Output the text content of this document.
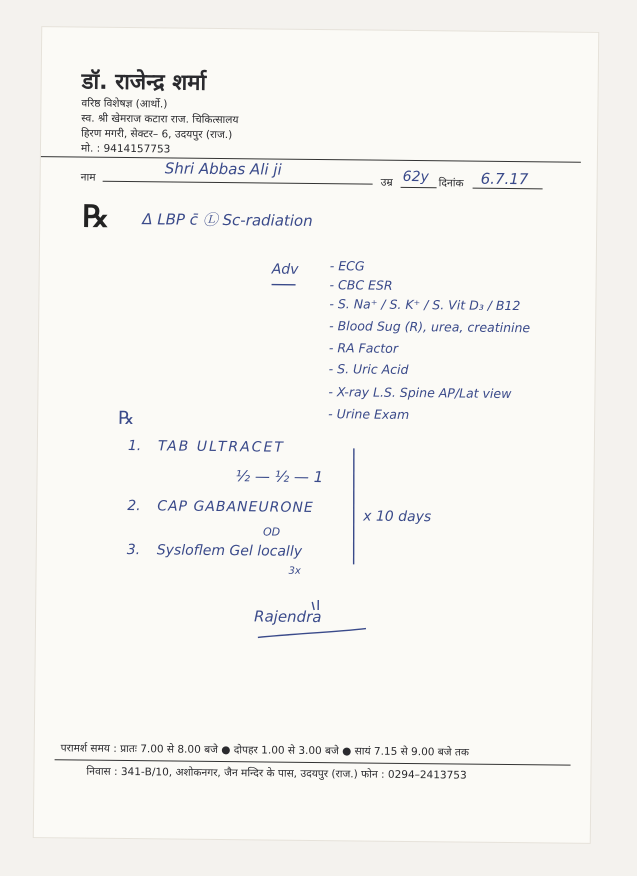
डॉ. राजेन्द्र शर्मा
वरिष्ठ विशेषज्ञ (आर्थो.)
स्व. श्री खेमराज कटारा राज. चिकित्सालय
हिरण मगरी, सेक्टर– 6, उदयपुर (राज.)
मो. : 9414157753
नाम	Shri Abbas Ali ji
उम्र 62y दिनांक 6.7.17
℞ Δ LBP c̄ Ⓛ Sc-radiation
Adv - ECG
- CBC ESR
- S. Na⁺ / S. K⁺ / S. Vit D₃ / B12
- Blood Sug (R), urea, creatinine
- RA Factor
- S. Uric Acid
- X-ray L.S. Spine AP/Lat view
- Urine Exam
℞
1. TAB ULTRACET
½ — ½ — 1
2. CAP GABANEURONE
OD
3. Sysloflem Gel locally
3x
x 10 days
Rajendra
परामर्श समय : प्रातः 7.00 से 8.00 बजे ● दोपहर 1.00 से 3.00 बजे ● सायं 7.15 से 9.00 बजे तक
निवास : 341-B/10, अशोकनगर, जैन मन्दिर के पास, उदयपुर (राज.) फोन : 0294–2413753
